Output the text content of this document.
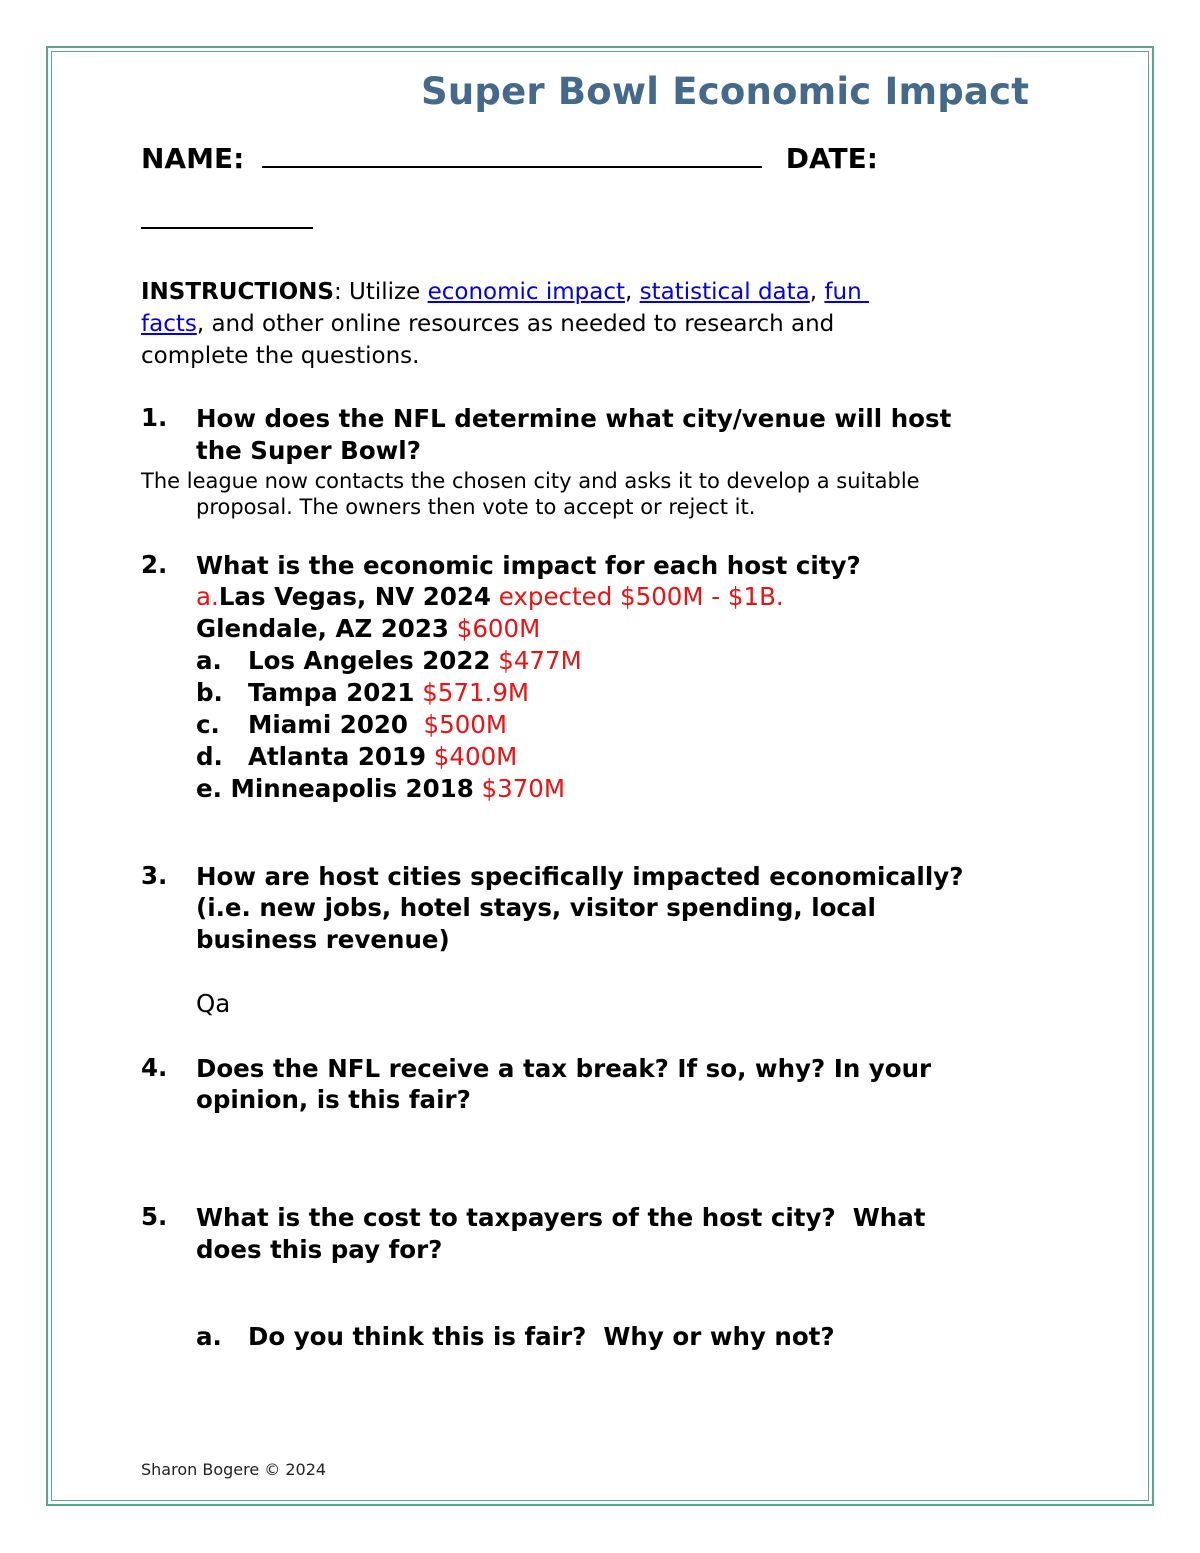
Super Bowl Economic Impact
NAME:	DATE:
INSTRUCTIONS: Utilize economic impact, statistical data, fun
facts, and other online resources as needed to research and
complete the questions.
1. How does the NFL determine what city/venue will host
the Super Bowl?
The league now contacts the chosen city and asks it to develop a suitable
proposal. The owners then vote to accept or reject it.
2. What is the economic impact for each host city?
a.Las Vegas, NV 2024 expected $500M - $1B.
Glendale, AZ 2023 $600M
a. Los Angeles 2022 $477M
b. Tampa 2021 $571.9M
c. Miami 2020  $500M
d. Atlanta 2019 $400M
e. Minneapolis 2018 $370M
3. How are host cities specifically impacted economically?
(i.e. new jobs, hotel stays, visitor spending, local
business revenue)
Qa
4. Does the NFL receive a tax break? If so, why? In your
opinion, is this fair?
5. What is the cost to taxpayers of the host city?  What
does this pay for?
a. Do you think this is fair?  Why or why not?
Sharon Bogere © 2024
